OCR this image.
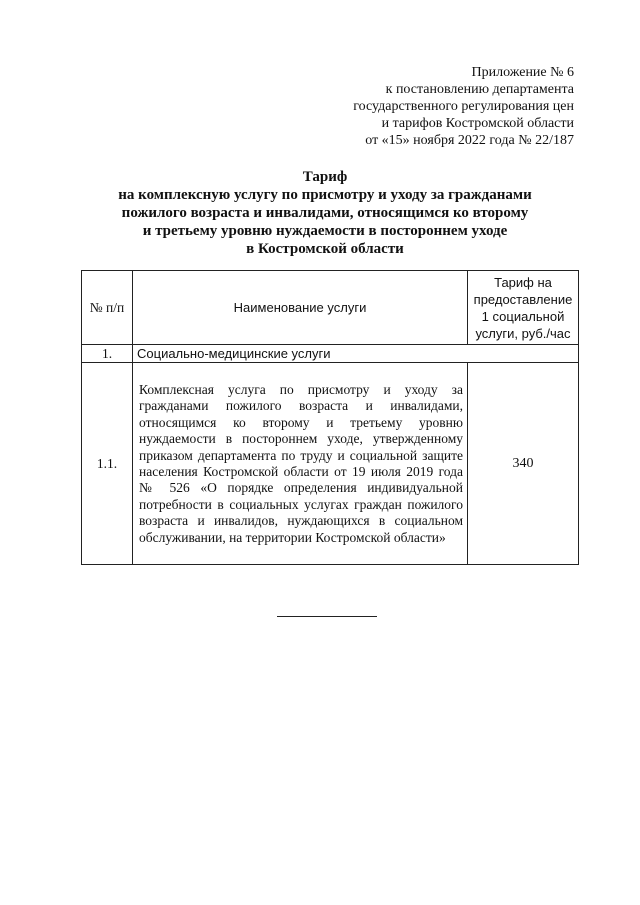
Приложение № 6
к постановлению департамента
государственного регулирования цен
и тарифов Костромской области
от «15» ноября 2022 года № 22/187
Тариф
на комплексную услугу по присмотру и уходу за гражданами
пожилого возраста и инвалидами, относящимся ко второму
и третьему уровню нуждаемости в постороннем уходе
в Костромской области
№ п/п	Наименование услуги	Тариф на предоставление 1 социальной услуги, руб./час
1.	Социально-медицинские услуги	
1.1.	Комплексная услуга по присмотру и уходу за гражданами пожилого возраста и инвалидами, относящимся ко второму и третьему уровню нуждаемости в постороннем уходе, утвержденному приказом департамента по труду и социальной защите населения Костромской области от 19 июля 2019 года № 526 «О порядке определения индивидуальной потребности в социальных услугах граждан пожилого возраста и инвалидов, нуждающихся в социальном обслуживании, на территории Костромской области»	340
